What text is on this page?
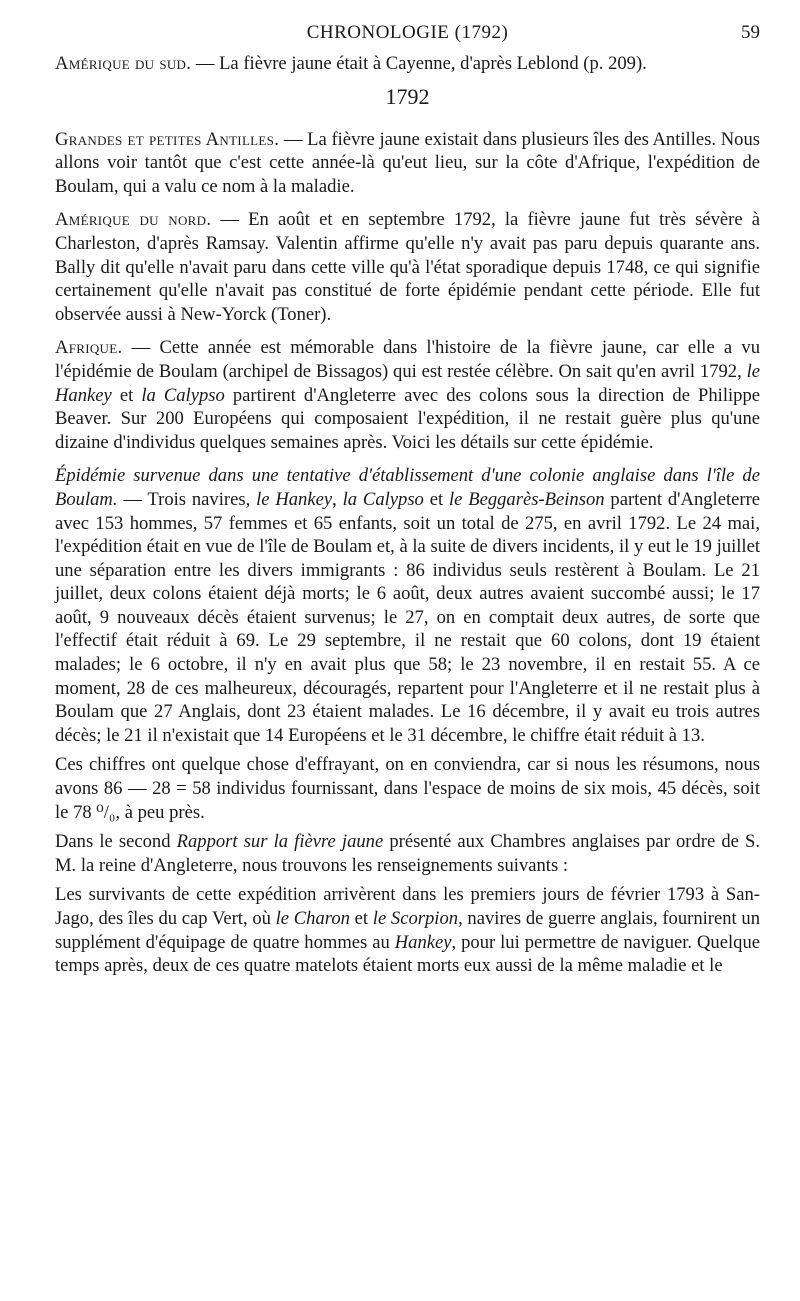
CHRONOLOGIE (1792)	59

Amérique du sud. — La fièvre jaune était à Cayenne, d'après Leblond (p. 209).

1792

Grandes et petites Antilles. — La fièvre jaune existait dans plusieurs îles des Antilles. Nous allons voir tantôt que c'est cette année-là qu'eut lieu, sur la côte d'Afrique, l'expédition de Boulam, qui a valu ce nom à la maladie.

Amérique du nord. — En août et en septembre 1792, la fièvre jaune fut très sévère à Charleston, d'après Ramsay. Valentin affirme qu'elle n'y avait pas paru depuis quarante ans. Bally dit qu'elle n'avait paru dans cette ville qu'à l'état sporadique depuis 1748, ce qui signifie certainement qu'elle n'avait pas constitué de forte épidémie pendant cette période. Elle fut observée aussi à New-Yorck (Toner).

Afrique. — Cette année est mémorable dans l'histoire de la fièvre jaune, car elle a vu l'épidémie de Boulam (archipel de Bissagos) qui est restée célèbre. On sait qu'en avril 1792, le Hankey et la Calypso partirent d'Angleterre avec des colons sous la direction de Philippe Beaver. Sur 200 Européens qui composaient l'expédition, il ne restait guère plus qu'une dizaine d'individus quelques semaines après. Voici les détails sur cette épidémie.

Épidémie survenue dans une tentative d'établissement d'une colonie anglaise dans l'île de Boulam. — Trois navires, le Hankey, la Calypso et le Beggarès-Beinson partent d'Angleterre avec 153 hommes, 57 femmes et 65 enfants, soit un total de 275, en avril 1792. Le 24 mai, l'expédition était en vue de l'île de Boulam et, à la suite de divers incidents, il y eut le 19 juillet une séparation entre les divers immigrants : 86 individus seuls restèrent à Boulam. Le 21 juillet, deux colons étaient déjà morts; le 6 août, deux autres avaient succombé aussi; le 17 août, 9 nouveaux décès étaient survenus; le 27, on en comptait deux autres, de sorte que l'effectif était réduit à 69. Le 29 septembre, il ne restait que 60 colons, dont 19 étaient malades; le 6 octobre, il n'y en avait plus que 58; le 23 novembre, il en restait 55. A ce moment, 28 de ces malheureux, découragés, repartent pour l'Angleterre et il ne restait plus à Boulam que 27 Anglais, dont 23 étaient malades. Le 16 décembre, il y avait eu trois autres décès; le 21 il n'existait que 14 Européens et le 31 décembre, le chiffre était réduit à 13.

Ces chiffres ont quelque chose d'effrayant, on en conviendra, car si nous les résumons, nous avons 86 — 28 = 58 individus fournissant, dans l'espace de moins de six mois, 45 décès, soit le 78 ⁰/₀, à peu près.

Dans le second Rapport sur la fièvre jaune présenté aux Chambres anglaises par ordre de S. M. la reine d'Angleterre, nous trouvons les renseignements suivants :

Les survivants de cette expédition arrivèrent dans les premiers jours de février 1793 à San-Jago, des îles du cap Vert, où le Charon et le Scorpion, navires de guerre anglais, fournirent un supplément d'équipage de quatre hommes au Hankey, pour lui permettre de naviguer. Quelque temps après, deux de ces quatre matelots étaient morts eux aussi de la même maladie et le
